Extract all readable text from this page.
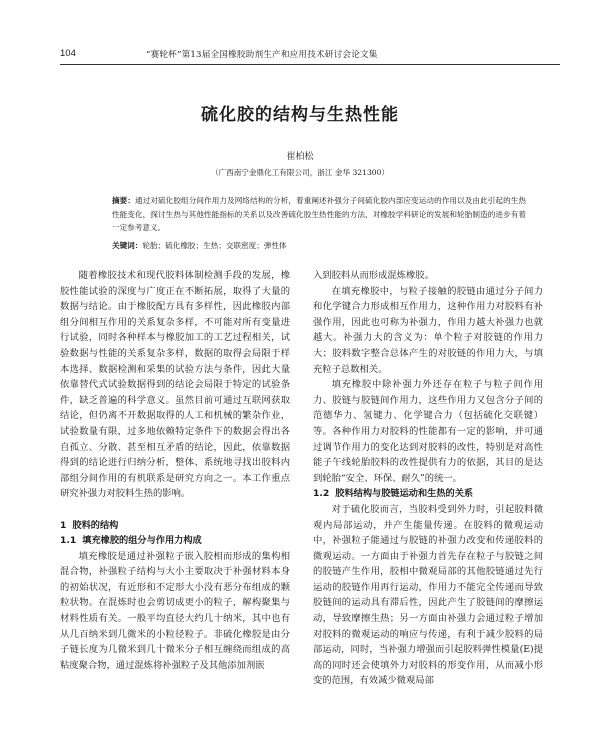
104	“赛轮杯”第13届全国橡胶助剂生产和应用技术研讨会论文集
硫化胶的结构与生热性能
崔柏松
（广西南宁金鼎化工有限公司，浙江 金华 321300）
摘要：通过对硫化胶组分间作用力及网络结构的分析，着重阐述补强分子间硫化胶内部应变运动的作用以及由此引起的生热性能变化，探讨生热与其他性能指标的关系以及改善硫化胶生热性能的方法，对橡胶学科研论的发展和轮胎制造的进步有着一定参考意义。
关键词：轮胎；硫化橡胶；生热；交联密度；弹性体

随着橡胶技术和现代胶料体制检测手段的发展，橡胶性能试验的深度与广度正在不断拓展，取得了大量的数据与结论。由于橡胶配方具有多样性，因此橡胶内部组分间相互作用的关系复杂多样，不可能对所有变量进行试验，同时各种样本与橡胶加工的工艺过程相关，试验数据与性能的关系复杂多样，数据的取得会局限于样本选择、数据检测和采集的试验方法与条件，因此大量依靠替代式试验数据得到的结论会局限于特定的试验条件，缺乏普遍的科学意义。虽然目前可通过互联网获取结论，但仍离不开数据取得的人工和机械的繁杂作业，试验数量有限，过多地依赖特定条件下的数据会得出各自孤立、分散、甚至相互矛盾的结论，因此，依靠数据得到的结论进行归纳分析，整体、系统地寻找出胶料内部组分间作用的有机联系是研究方向之一。本工作重点研究补强力对胶料生热的影响。

1 胶料的结构
1.1 填充橡胶的组分与作用力构成

填充橡胶是通过补强粒子嵌入胶相而形成的集构相混合物，补强粒子结构与大小主要取决于补强材料本身的初始状况，有近形和不定形大小没有恶分布组成的颗粒状物。在混炼时也会剪切成更小的粒子，解构聚集与材料性质有关。一般平均直径大约几十纳米，其中也有从几百纳米到几微米的小粒径粒子。非硫化橡胶是由分子链长度为几微米到几十微米分子相互缠绕而组成的高粘度聚合物，通过混炼将补强粒子及其他添加剂嵌

入到胶料从而形成混炼橡胶。

在填充橡胶中，与粒子接触的胶链由通过分子间力和化学键合力形成相互作用力，这种作用力对胶料有补强作用，因此也可称为补强力，作用力越大补强力也就越大。补强力大的含义为：单个粒子对胶链的作用力大；胶料数字整合总体产生的对胶链的作用力大，与填充粒子总数相关。

填充橡胶中除补强力外还存在粒子与粒子间作用力、胶链与胶链间作用力，这些作用力又包含分子间的范德华力、氢键力、化学键合力（包括硫化交联键）等。各种作用力对胶料的性能都有一定的影响，并可通过调节作用力的变化达到对胶料的改性，特别是对高性能子午线轮胎胶料的改性提供有力的依据，其目的是达到轮胎“安全、环保、耐久”的统一。

1.2 胶料结构与胶链运动和生热的关系

对于硫化胶而言，当胶料受到外力时，引起胶料微观内局部运动，并产生能量传递。在胶料的微观运动中，补强粒子能通过与胶链的补强力改变和传递胶料的微观运动。一方面由于补强力首先存在粒子与胶链之间的胶链产生作用，胶相中微观局部的其他胶链通过先行运动的胶链作用再行运动，作用力不能完全传递而导致胶链间的运动具有滞后性，因此产生了胶链间的摩擦运动，导致摩擦生热；另一方面由补强力会通过粒子增加对胶料的微观运动的响应与传递，有利于减少胶料的局部运动，同时，当补强力增强而引起胶料弹性模量(E)提高的同时还会使填外力对胶料的形变作用，从而减小形变的范围，有效减少微观局部
